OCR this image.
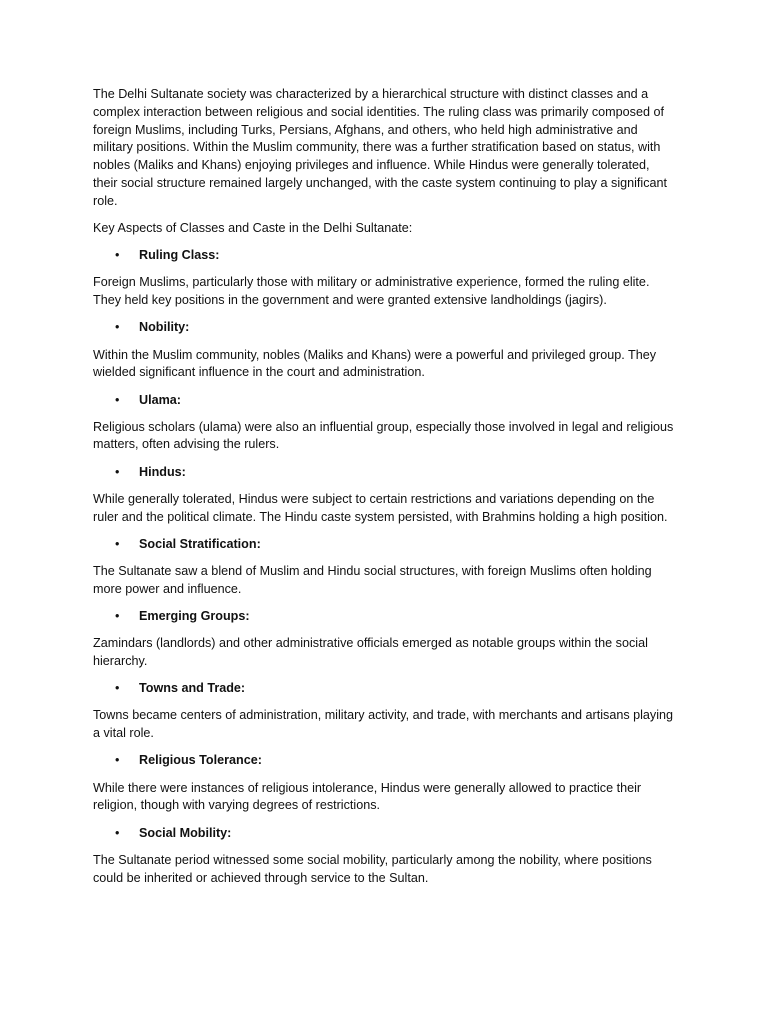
The Delhi Sultanate society was characterized by a hierarchical structure with distinct classes and a complex interaction between religious and social identities. The ruling class was primarily composed of foreign Muslims, including Turks, Persians, Afghans, and others, who held high administrative and military positions. Within the Muslim community, there was a further stratification based on status, with nobles (Maliks and Khans) enjoying privileges and influence. While Hindus were generally tolerated, their social structure remained largely unchanged, with the caste system continuing to play a significant role.

Key Aspects of Classes and Caste in the Delhi Sultanate:

• Ruling Class:

Foreign Muslims, particularly those with military or administrative experience, formed the ruling elite. They held key positions in the government and were granted extensive landholdings (jagirs).

• Nobility:

Within the Muslim community, nobles (Maliks and Khans) were a powerful and privileged group. They wielded significant influence in the court and administration.

• Ulama:

Religious scholars (ulama) were also an influential group, especially those involved in legal and religious matters, often advising the rulers.

• Hindus:

While generally tolerated, Hindus were subject to certain restrictions and variations depending on the ruler and the political climate. The Hindu caste system persisted, with Brahmins holding a high position.

• Social Stratification:

The Sultanate saw a blend of Muslim and Hindu social structures, with foreign Muslims often holding more power and influence.

• Emerging Groups:

Zamindars (landlords) and other administrative officials emerged as notable groups within the social hierarchy.

• Towns and Trade:

Towns became centers of administration, military activity, and trade, with merchants and artisans playing a vital role.

• Religious Tolerance:

While there were instances of religious intolerance, Hindus were generally allowed to practice their religion, though with varying degrees of restrictions.

• Social Mobility:

The Sultanate period witnessed some social mobility, particularly among the nobility, where positions could be inherited or achieved through service to the Sultan.
